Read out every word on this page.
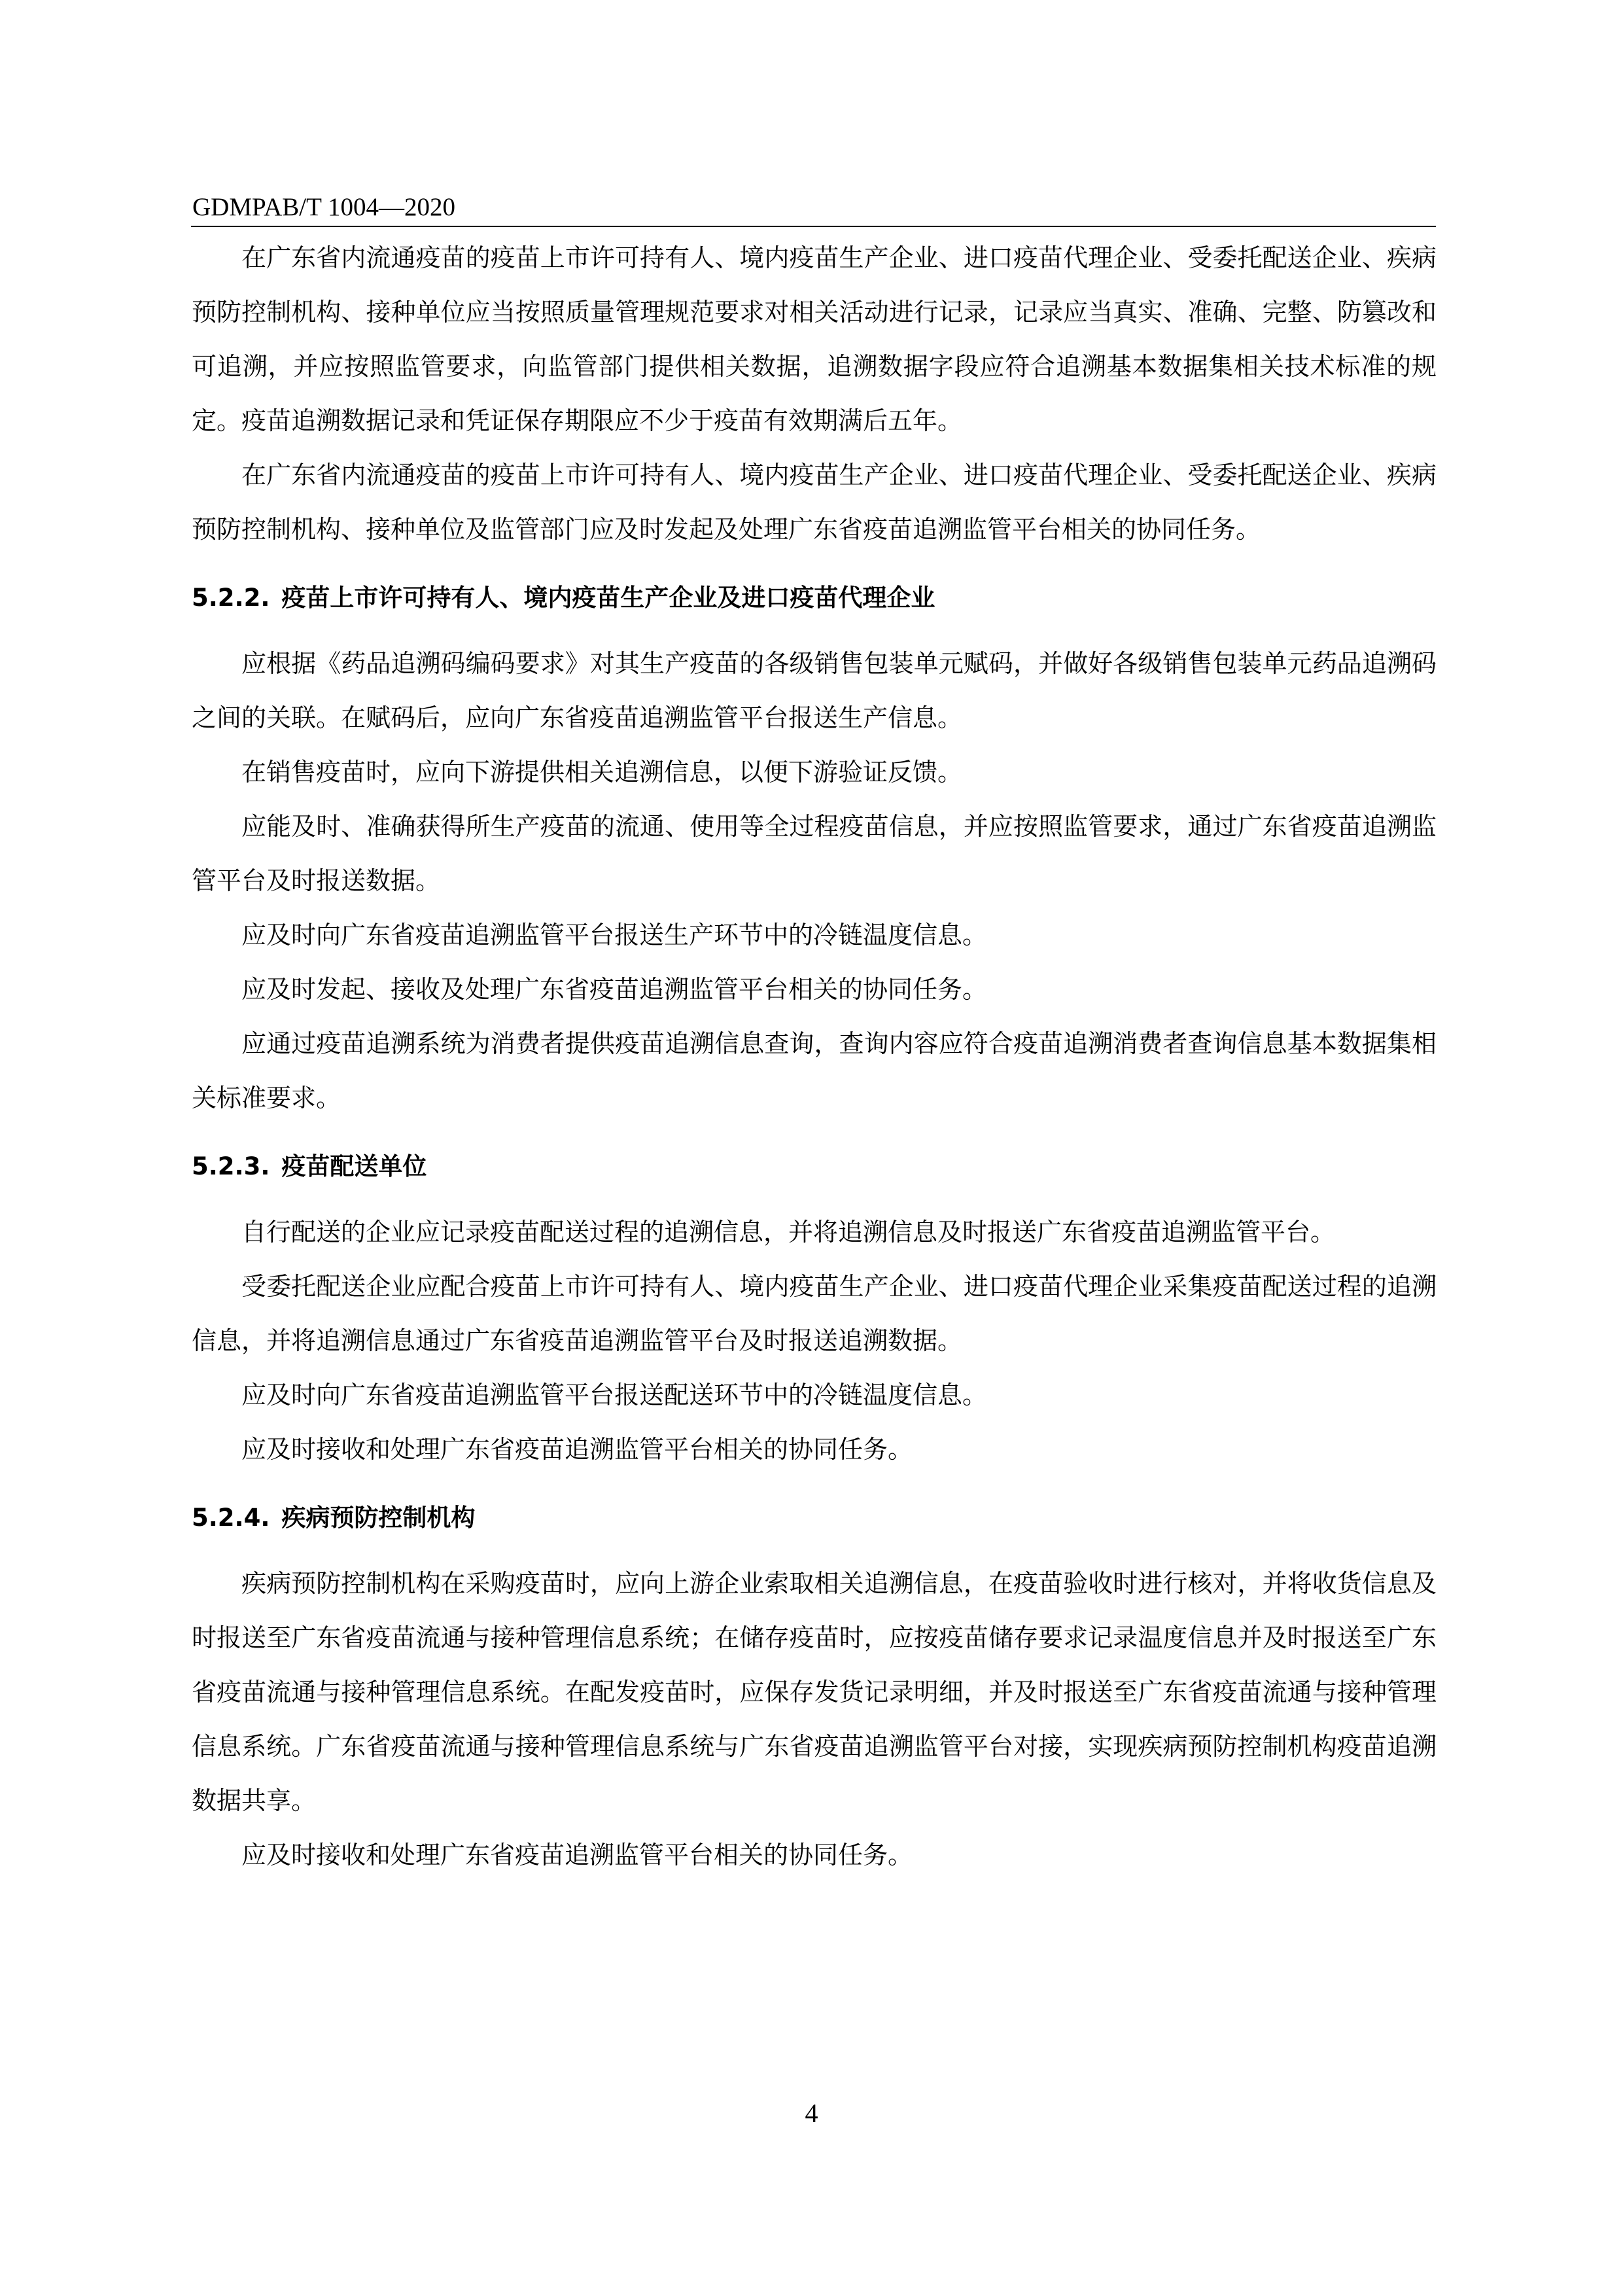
GDMPAB/T 1004—2020

在广东省内流通疫苗的疫苗上市许可持有人、境内疫苗生产企业、进口疫苗代理企业、受委托配送企业、疾病预防控制机构、接种单位应当按照质量管理规范要求对相关活动进行记录，记录应当真实、准确、完整、防篡改和可追溯，并应按照监管要求，向监管部门提供相关数据，追溯数据字段应符合追溯基本数据集相关技术标准的规定。疫苗追溯数据记录和凭证保存期限应不少于疫苗有效期满后五年。

在广东省内流通疫苗的疫苗上市许可持有人、境内疫苗生产企业、进口疫苗代理企业、受委托配送企业、疾病预防控制机构、接种单位及监管部门应及时发起及处理广东省疫苗追溯监管平台相关的协同任务。

5.2.2. 疫苗上市许可持有人、境内疫苗生产企业及进口疫苗代理企业

应根据《药品追溯码编码要求》对其生产疫苗的各级销售包装单元赋码，并做好各级销售包装单元药品追溯码之间的关联。在赋码后，应向广东省疫苗追溯监管平台报送生产信息。

在销售疫苗时，应向下游提供相关追溯信息，以便下游验证反馈。

应能及时、准确获得所生产疫苗的流通、使用等全过程疫苗信息，并应按照监管要求，通过广东省疫苗追溯监管平台及时报送数据。

应及时向广东省疫苗追溯监管平台报送生产环节中的冷链温度信息。

应及时发起、接收及处理广东省疫苗追溯监管平台相关的协同任务。

应通过疫苗追溯系统为消费者提供疫苗追溯信息查询，查询内容应符合疫苗追溯消费者查询信息基本数据集相关标准要求。

5.2.3. 疫苗配送单位

自行配送的企业应记录疫苗配送过程的追溯信息，并将追溯信息及时报送广东省疫苗追溯监管平台。

受委托配送企业应配合疫苗上市许可持有人、境内疫苗生产企业、进口疫苗代理企业采集疫苗配送过程的追溯信息，并将追溯信息通过广东省疫苗追溯监管平台及时报送追溯数据。

应及时向广东省疫苗追溯监管平台报送配送环节中的冷链温度信息。

应及时接收和处理广东省疫苗追溯监管平台相关的协同任务。

5.2.4. 疾病预防控制机构

疾病预防控制机构在采购疫苗时，应向上游企业索取相关追溯信息，在疫苗验收时进行核对，并将收货信息及时报送至广东省疫苗流通与接种管理信息系统；在储存疫苗时，应按疫苗储存要求记录温度信息并及时报送至广东省疫苗流通与接种管理信息系统。在配发疫苗时，应保存发货记录明细，并及时报送至广东省疫苗流通与接种管理信息系统。广东省疫苗流通与接种管理信息系统与广东省疫苗追溯监管平台对接，实现疾病预防控制机构疫苗追溯数据共享。

应及时接收和处理广东省疫苗追溯监管平台相关的协同任务。

4
